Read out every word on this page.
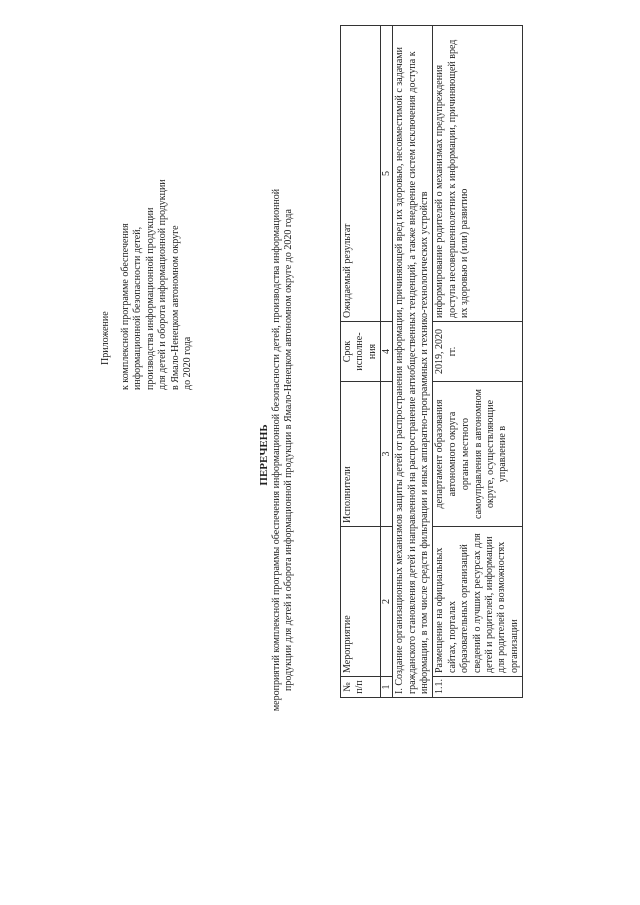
Приложение к комплексной программе обеспечения информационной безопасности детей, производства информационной продукции для детей и оборота информационной продукции в Ямало-Ненецком автономном округе до 2020 года
ПЕРЕЧЕНЬ мероприятий комплексной программы обеспечения информационной безопасности детей, производства информационной продукции для детей и оборота информационной продукции в Ямало-Ненецком автономном округе до 2020 года	№ п/п	Мероприятие	Исполнители	Срок исполне-ния	Ожидаемый результат
1	2	3	4	5
I. Создание организационных механизмов защиты детей от распространения информации, причиняющей вред их здоровью, несовместимой с задачами гражданского становления детей и направленной на распространение антиобщественных тенденций, а также внедрение систем исключения доступа к информации, в том числе средств фильтрации и иных аппаратно-программных и технико-технологических устройств				
1.1.	Размещение на официальных сайтах, порталах образовательных организаций сведений о лучших ресурсах для детей и родителей, информации для родителей о возможностях организации	департамент образования автономного округа органы местного самоуправления в автономном округе, осуществляющие управление в	2019, 2020 гг.	информирование родителей о механизмах предупреждения доступа несовершеннолетних к информации, причиняющей вред их здоровью и (или) развитию
